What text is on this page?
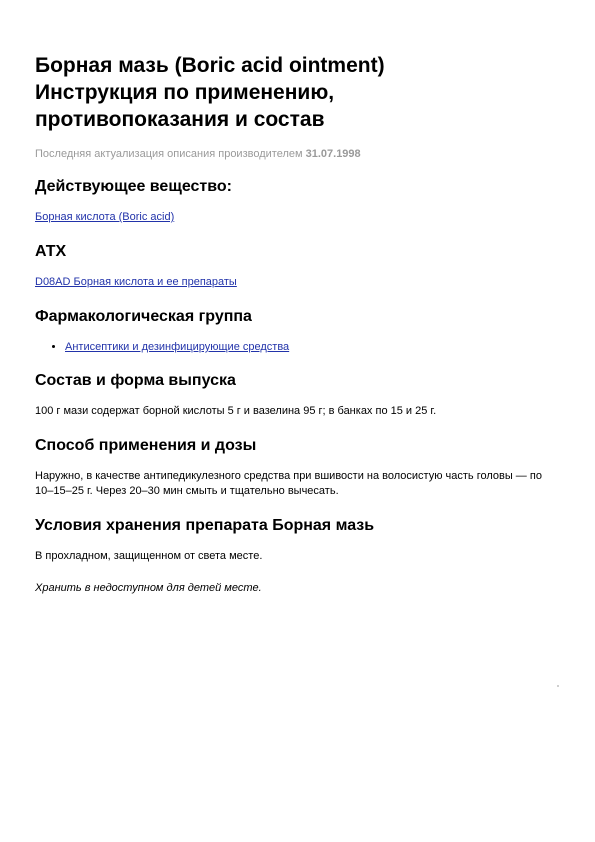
Борная мазь (Boric acid ointment)
Инструкция по применению,
противопоказания и состав
Последняя актуализация описания производителем 31.07.1998
Действующее вещество:

Борная кислота (Boric acid)

АТХ

D08AD Борная кислота и ее препараты

Фармакологическая группа
• Антисептики и дезинфицирующие средства
Состав и форма выпуска

100 г мази содержат борной кислоты 5 г и вазелина 95 г; в банках по 15 и 25 г.

Способ применения и дозы

Наружно, в качестве антипедикулезного средства при вшивости на волосистую часть головы — по 10–15–25 г. Через 20–30 мин смыть и тщательно вычесать.

Условия хранения препарата Борная мазь

В прохладном, защищенном от света месте.

Хранить в недоступном для детей месте.
